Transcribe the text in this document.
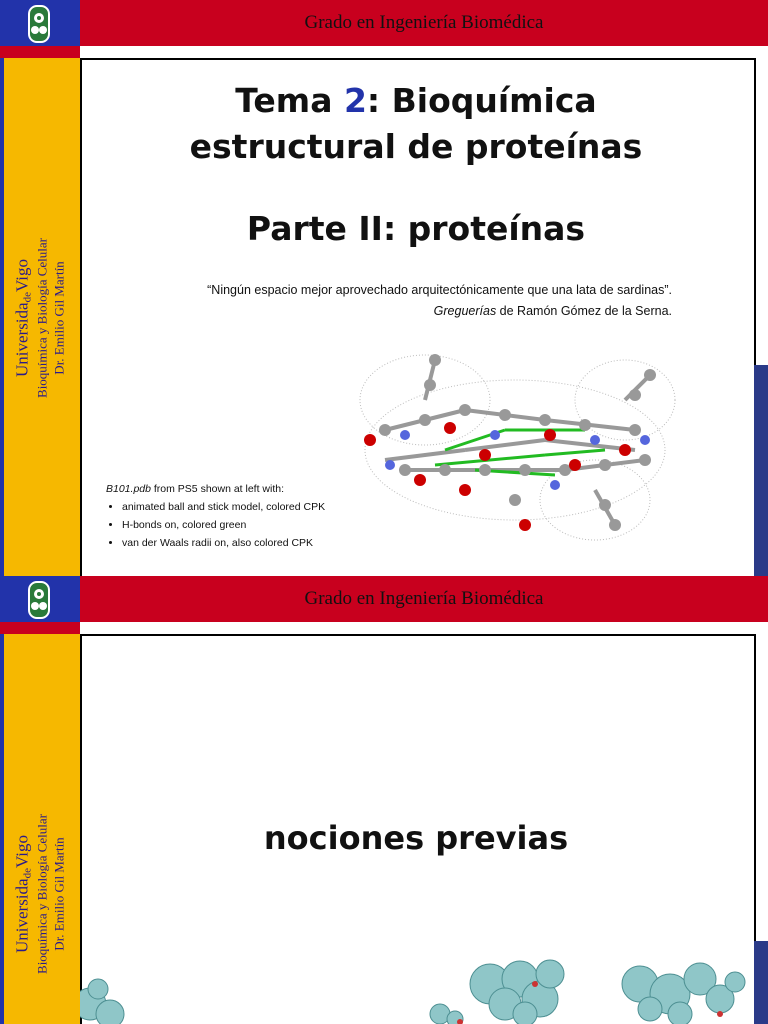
Grado en Ingeniería Biomédica
UniversidadeVigo Bioquímica y Biología Celular Dr. Emilio Gil Martín
Tema 2: Bioquímica
estructural de proteínas
Parte II: proteínas
“Ningún espacio mejor aprovechado arquitectónicamente que una lata de sardinas”.
Greguerías de Ramón Gómez de la Serna.
B101.pdb from PS5 shown at left with:
• animated ball and stick model, colored CPK
• H-bonds on, colored green
• van der Waals radii on, also colored CPK
Grado en Ingeniería Biomédica
UniversidadeVigo Bioquímica y Biología Celular Dr. Emilio Gil Martín	nociones previas
